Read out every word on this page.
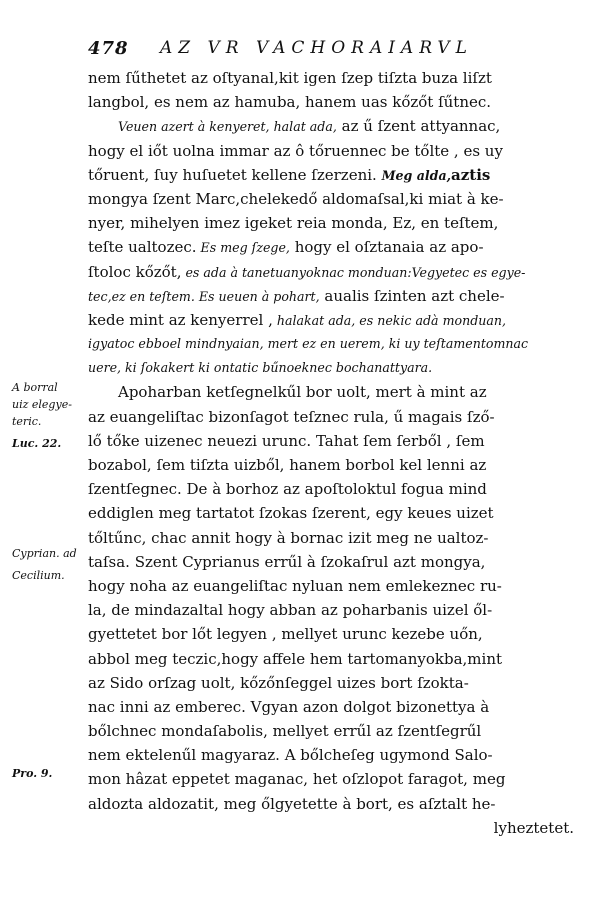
478 AZ VR VACHORAIARVL
A borral
uiz elegye-
teric.
Luc. 22.
Cyprian. ad
Cecilium.
Pro. 9.
nem ſűthetet az oſtyanal,kit igen ſzep tiſzta buza liſzt
langbol, es nem az hamuba, hanem uas kőzőt ſűtnec.
Veuen azert à kenyeret, halat ada, az ű ſzent attyannac,
hogy el iőt uolna immar az ô tőruennec be tőlte , es uy
tőruent, ſuy huſuetet kellene ſzerzeni. Meg alda,aztis
mongya ſzent Marc,chelekedő aldomaſsal,ki miat à ke-
nyer, mihelyen imez igeket reia monda, Ez, en teſtem,
teſte ualtozec. Es meg ſzege, hogy el oſztanaia az apo-
ſtoloc kőzőt, es ada à tanetuanyoknac monduan:Vegyetec es egye-
tec,ez en teſtem. Es ueuen à pohart, aualis ſzinten azt chele-
kede mint az kenyerrel , halakat ada, es nekic adà monduan,
igyatoc ebboel mindnyaian, mert ez en uerem, ki uy teſtamentomnac
uere, ki ſokakert ki ontatic bűnoeknec bochanattyara.
Apoharban ketſegnelkűl bor uolt, mert à mint az
az euangeliſtac bizonſagot teſznec rula, ű magais ſző-
lő tőke uizenec neuezi urunc. Tahat ſem ſerből , ſem
bozabol, ſem tiſzta uizből, hanem borbol kel lenni az
ſzentſegnec. De à borhoz az apoſtoloktul fogua mind
eddiglen meg tartatot ſzokas ſzerent, egy keues uizet
tőltűnc, chac annit hogy à bornac izit meg ne ualtoz-
taſsa. Szent Cyprianus errűl à ſzokaſrul azt mongya,
hogy noha az euangeliſtac nyluan nem emlekeznec ru-
la, de mindazaltal hogy abban az poharbanis uizel ől-
gyettetet bor lőt legyen , mellyet urunc kezebe uőn,
abbol meg teczic,hogy affele hem tartomanyokba,mint
az Sido orſzag uolt, kőzőnſeggel uizes bort ſzokta-
nac inni az emberec. Vgyan azon dolgot bizonettya à
bőlchnec mondaſabolis, mellyet errűl az ſzentſegrűl
nem ektelenűl magyaraz. A bőlcheſeg ugymond Salo-
mon hâzat eppetet maganac, het oſzlopot faragot, meg
aldozta aldozatit, meg őlgyetette à bort, es aſztalt he-
lyheztetet.
